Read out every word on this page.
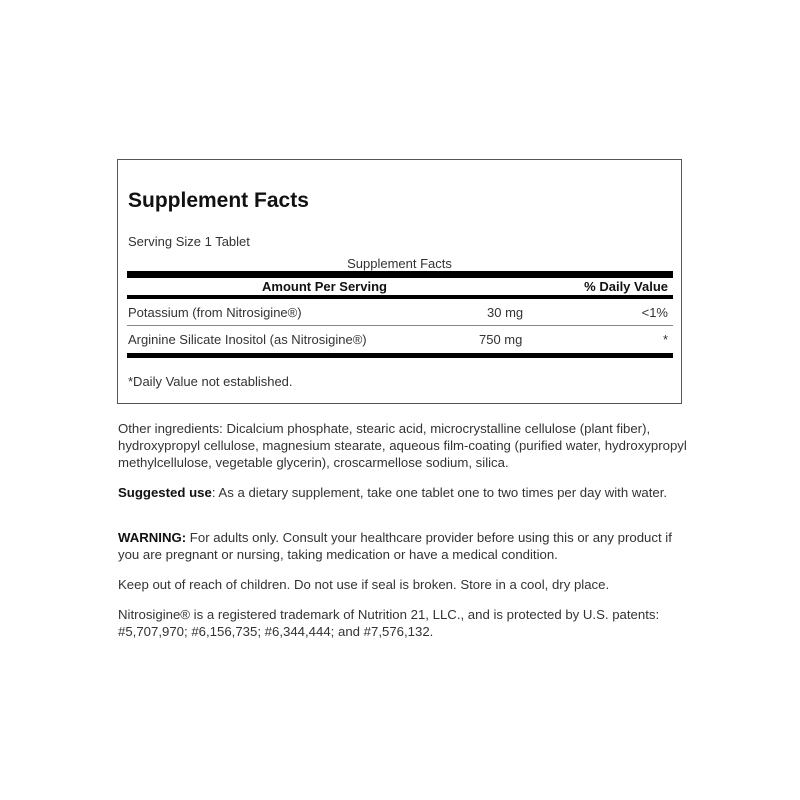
Supplement Facts
Serving Size 1 Tablet
Supplement Facts
Amount Per Serving	% Daily Value
Potassium (from Nitrosigine®)	30 mg	<1%
Arginine Silicate Inositol (as Nitrosigine®)	750 mg	*
*Daily Value not established.
Other ingredients: Dicalcium phosphate, stearic acid, microcrystalline cellulose (plant fiber), hydroxypropyl cellulose, magnesium stearate, aqueous film-coating (purified water, hydroxypropyl methylcellulose, vegetable glycerin), croscarmellose sodium, silica.
Suggested use: As a dietary supplement, take one tablet one to two times per day with water.
WARNING: For adults only. Consult your healthcare provider before using this or any product if you are pregnant or nursing, taking medication or have a medical condition.
Keep out of reach of children. Do not use if seal is broken. Store in a cool, dry place.
Nitrosigine® is a registered trademark of Nutrition 21, LLC., and is protected by U.S. patents: #5,707,970; #6,156,735; #6,344,444; and #7,576,132.
